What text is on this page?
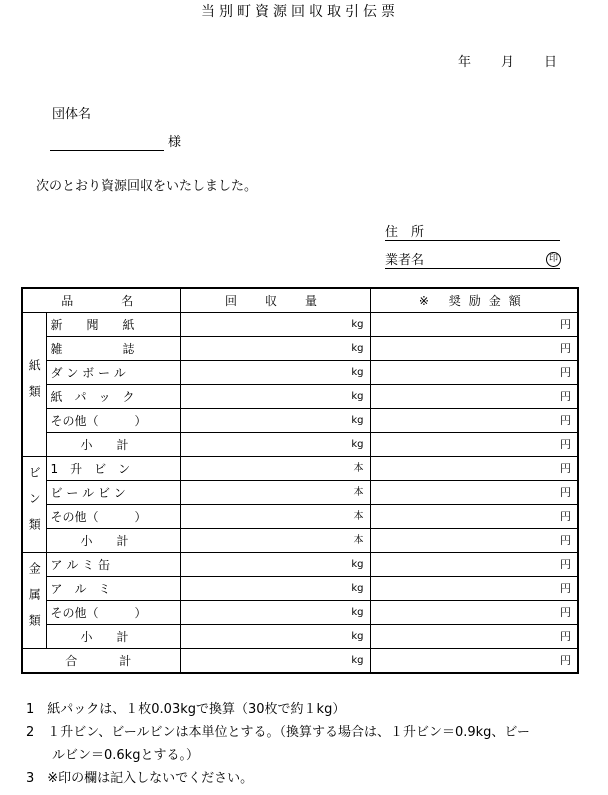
当別町資源回収取引伝票
年 月 日
団体名
様
次のとおり資源回収をいたしました。
住　所
業者名	印
品　　名		回　収　量	※ 奨励金額
紙類	新　　聞　　紙	kg	円
	雑　　　　　誌	kg	円
	ダ ン ボ ー ル	kg	円
	紙　パ　ッ　ク	kg	円
	その他（　　　）	kg	円
	小　　計	kg	円
ビン類	1　升　ビ　ン	本	円
	ビ ー ル ビ ン	本	円
	その他（　　　）	本	円
	小　　計	本	円
金属類	ア ル ミ 缶	kg	円
	ア　ル　ミ	kg	円
	その他（　　　）	kg	円
	小　　計	kg	円
合　　計		kg	円
1　紙パックは、１枚0.03kgで換算（30枚で約１kg）
2　１升ビン、ビールビンは本単位とする。（換算する場合は、１升ビン＝0.9kg、ビー
ルビン＝0.6kgとする。）
3　※印の欄は記入しないでください。
